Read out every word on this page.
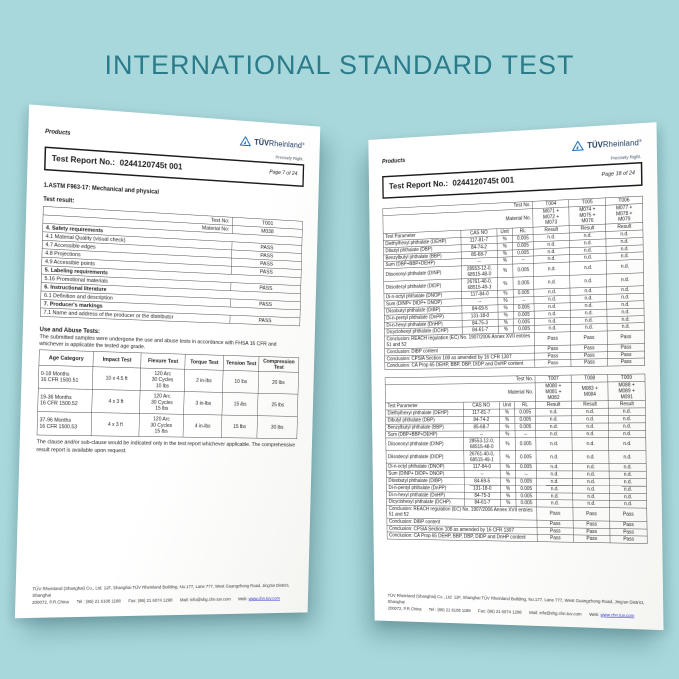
INTERNATIONAL STANDARD TEST
Products
TÜVRheinland®
Precisely Right.
Test Report No.: 0244120745t 001
Page 7 of 24
1.ASTM F963-17: Mechanical and physical
Test result:
Test No:	T001
Material No:	M038
4. Safety requirements	
4.1 Material Quality (visual check)	PASS
4.7 Accessible edges	PASS
4.8 Projections	PASS
4.9 Accessible points	PASS
5. Labeling requirements	
5.16 Promotional materials	PASS
6. Instructional literature	
6.1 Definition and description	PASS
7. Producer's markings	
7.1 Name and address of the producer or the distributor	PASS
Use and Abuse Tests:
The submitted samples were undergone the use and abuse tests in accordance with FHSA 16 CFR and whichever is applicable the tested age grade.
Age Category	Impact Test	Flexure Test	Torque Test	Tension Test	Compression Test
0-18 Months
16 CFR 1500.51	10 x 4.5 ft	120 Arc
30 Cycles
10 lbs	2 in-lbs	10 lbs	20 lbs
19-36 Months
16 CFR 1500.52	4 x 3 ft	120 Arc
30 Cycles
15 lbs	3 in-lbs	15 lbs	25 lbs
37-96 Months
16 CFR 1500.53	4 x 3 ft	120 Arc
30 Cycles
15 lbs	4 in-lbs	15 lbs	30 lbs
The clause and/or sub-clause would be indicated only in the test report whichever applicable. The comprehensive result report is available upon request.
TÜV Rheinland (Shanghai) Co., Ltd. 12F, Shanghai TÜV Rheinland Building, No.177, Lane 777, West Guangzhong Road, Jing'an District, Shanghai
200072, P.R.China Tel : (86) 21 6108 1188 Fax: (86) 21 6074 1298 Mail: info@shg.chn.tuv.com Web: www.chn.tuv.com
Products
TÜVRheinland®
Precisely Right.
Test Report No.: 0244120745t 001
Page 18 of 24
Test No.				T004	T005	T006
Material No.				M071 +
M072 +
M073	M074 +
M075 +
M076	M077 +
M078 +
M079
Test Parameter	CAS NO	Unit	RL	Result	Result	Result
Diethylhexyl phthalate (DEHP)	117-81-7	%	0.005	n.d.	n.d.	n.d.
Dibutyl phthalate (DBP)	84-74-2	%	0.005	n.d.	n.d.	n.d.
Benzylbutyl phthalate (BBP)	85-68-7	%	0.005	n.d.	n.d.	n.d.
Sum (DBP+BBP+DEHP)	--	%	--	n.d.	n.d.	n.d.
Diisononyl phthalate (DINP)	28553-12-0,
68515-48-0	%	0.005	n.d.	n.d.	n.d.
Diisodecyl phthalate (DIDP)	26761-40-0,
68515-49-1	%	0.005	n.d.	n.d.	n.d.
Di-n-octyl phthalate (DNOP)	117-84-0	%	0.005	n.d.	n.d.	n.d.
Sum (DINP+ DIDP+ DNOP)	--	%	--	n.d.	n.d.	n.d.
Diisobutyl phthalate (DIBP)	84-69-5	%	0.005	n.d.	n.d.	n.d.
Di-n-pentyl phthalate (DnPP)	131-18-0	%	0.005	n.d.	n.d.	n.d.
Di-n-hexyl phthalate (DnHP)	84-75-3	%	0.005	n.d.	n.d.	n.d.
Dicyclohexyl phthalate (DCHP)	84-61-7	%	0.005	n.d.	n.d.	n.d.
Conclusion: REACH regulation (EC) No. 1907/2006 Annex XVII entries 51 and 52				Pass	Pass	Pass
Conclusion: DIBP content				Pass	Pass	Pass
Conclusion: CPSIA Section 108 as amended by 16 CFR 1307				Pass	Pass	Pass
Conclusion: CA Prop 65 DEHP, BBP, DBP, DIDP and DnHP content				Pass	Pass	Pass
Test No.				T007	T008	T009
Material No.				M080 +
M081 +
M082	M083 +
M084	M088 +
M089 +
M091
Test Parameter	CAS NO	Unit	RL	Result	Result	Result
Diethylhexyl phthalate (DEHP)	117-81-7	%	0.005	n.d.	n.d.	n.d.
Dibutyl phthalate (DBP)	84-74-2	%	0.005	n.d.	n.d.	n.d.
Benzylbutyl phthalate (BBP)	85-68-7	%	0.005	n.d.	n.d.	n.d.
Sum (DBP+BBP+DEHP)	--	%	--	n.d.	n.d.	n.d.
Diisononyl phthalate (DINP)	28553-12-0,
68515-48-0	%	0.005	n.d.	n.d.	n.d.
Diisodecyl phthalate (DIDP)	26761-40-0,
68515-49-1	%	0.005	n.d.	n.d.	n.d.
Di-n-octyl phthalate (DNOP)	117-84-0	%	0.005	n.d.	n.d.	n.d.
Sum (DINP+ DIDP+ DNOP)	--	%	--	n.d.	n.d.	n.d.
Diisobutyl phthalate (DIBP)	84-69-5	%	0.005	n.d.	n.d.	n.d.
Di-n-pentyl phthalate (DnPP)	131-18-0	%	0.005	n.d.	n.d.	n.d.
Di-n-hexyl phthalate (DnHP)	84-75-3	%	0.005	n.d.	n.d.	n.d.
Dicyclohexyl phthalate (DCHP)	84-61-7	%	0.005	n.d.	n.d.	n.d.
Conclusion: REACH regulation (EC) No. 1907/2006 Annex XVII entries 51 and 52				Pass	Pass	Pass
Conclusion: DIBP content				Pass	Pass	Pass
Conclusion: CPSIA Section 108 as amended by 16 CFR 1307				Pass	Pass	Pass
Conclusion: CA Prop 65 DEHP, BBP, DBP, DIDP and DnHP content				Pass	Pass	Pass
TÜV Rheinland (Shanghai) Co., Ltd. 12F, Shanghai TÜV Rheinland Building, No.177, Lane 777, West Guangzhong Road, Jing'an District, Shanghai
200072, P.R.China Tel : (86) 21 6108 1188 Fax: (86) 21 6074 1298 Mail: info@shg.chn.tuv.com Web: www.chn.tuv.com
